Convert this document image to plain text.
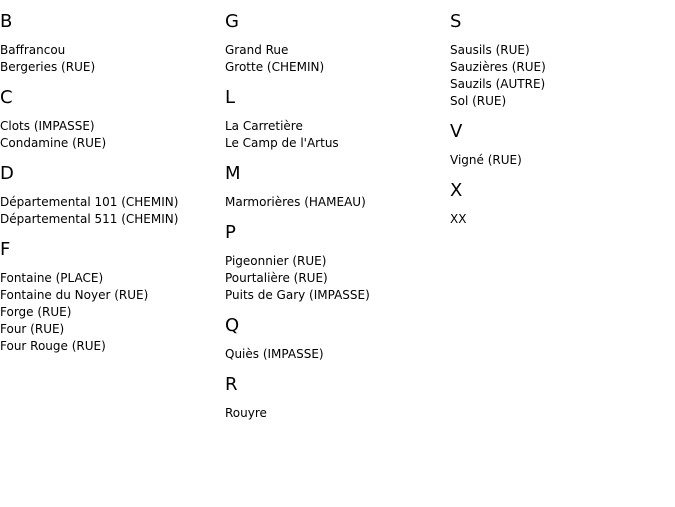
B
Baffrancou
Bergeries (RUE)
C
Clots (IMPASSE)
Condamine (RUE)
D
Départemental 101 (CHEMIN)
Départemental 511 (CHEMIN)
F
Fontaine (PLACE)
Fontaine du Noyer (RUE)
Forge (RUE)
Four (RUE)
Four Rouge (RUE)
G
Grand Rue
Grotte (CHEMIN)
L
La Carretière
Le Camp de l'Artus
M
Marmorières (HAMEAU)
P
Pigeonnier (RUE)
Pourtalière (RUE)
Puits de Gary (IMPASSE)
Q
Quiès (IMPASSE)
R
Rouyre
S
Sausils (RUE)
Sauzières (RUE)
Sauzils (AUTRE)
Sol (RUE)
V
Vigné (RUE)
X
XX
